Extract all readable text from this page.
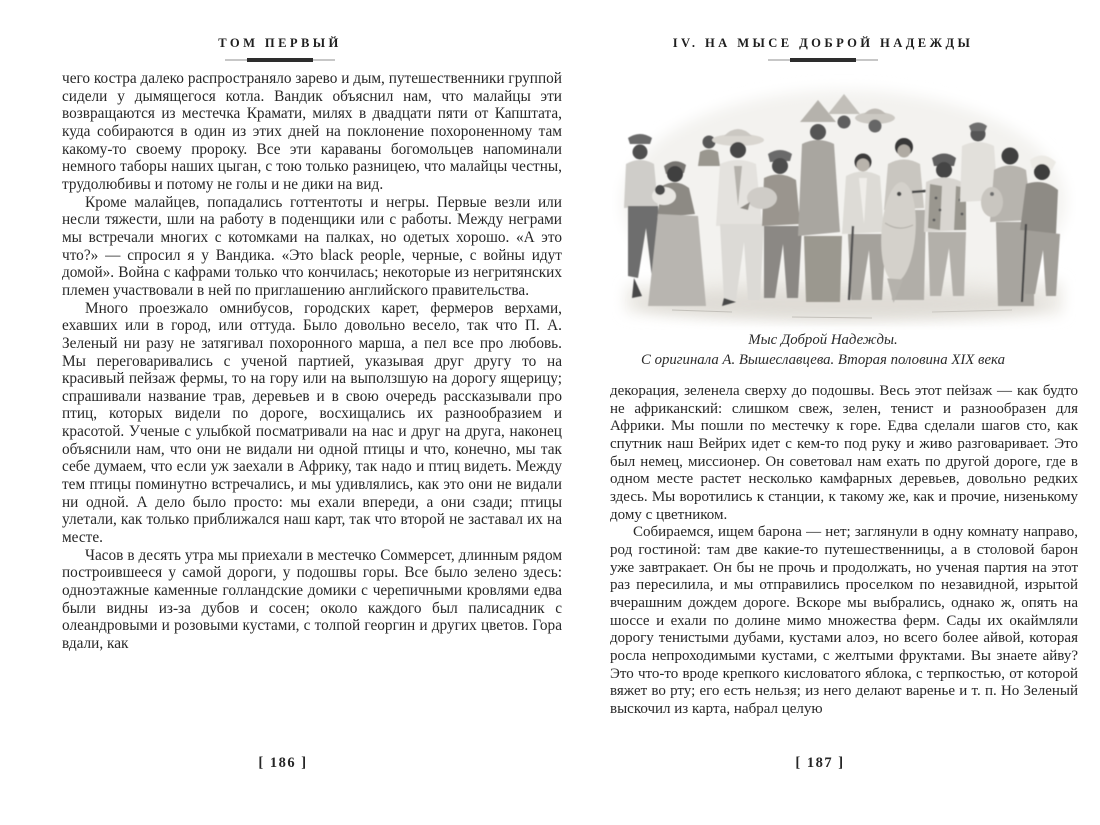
ТОМ ПЕРВЫЙ

чего костра далеко распространяло зарево и дым, путешественники группой сидели у дымящегося котла. Вандик объяснил нам, что малайцы эти возвращаются из местечка Крамати, милях в двадцати пяти от Капштата, куда собираются в один из этих дней на поклонение похороненному там какому-то своему пророку. Все эти караваны богомольцев напоминали немного таборы наших цыган, с тою только разницею, что малайцы честны, трудолюбивы и потому не голы и не дики на вид.

Кроме малайцев, попадались готтентоты и негры. Первые везли или несли тяжести, шли на работу в поденщики или с работы. Между неграми мы встречали многих с котомками на палках, но одетых хорошо. «А это что?» — спросил я у Вандика. «Это black people, черные, с войны идут домой». Война с кафрами только что кончилась; некоторые из негритянских племен участвовали в ней по приглашению английского правительства.

Много проезжало омнибусов, городских карет, фермеров верхами, ехавших или в город, или оттуда. Было довольно весело, так что П. А. Зеленый ни разу не затягивал похоронного марша, а пел все про любовь. Мы переговаривались с ученой партией, указывая друг другу то на красивый пейзаж фермы, то на гору или на выползшую на дорогу ящерицу; спрашивали название трав, деревьев и в свою очередь рассказывали про птиц, которых видели по дороге, восхищались их разнообразием и красотой. Ученые с улыбкой посматривали на нас и друг на друга, наконец объяснили нам, что они не видали ни одной птицы и что, конечно, мы так себе думаем, что если уж заехали в Африку, так надо и птиц видеть. Между тем птицы поминутно встречались, и мы удивлялись, как это они не видали ни одной. А дело было просто: мы ехали впереди, а они сзади; птицы улетали, как только приближался наш карт, так что второй не заставал их на месте.

Часов в десять утра мы приехали в местечко Соммерсет, длинным рядом построившееся у самой дороги, у подошвы горы. Все было зелено здесь: одноэтажные каменные голландские домики с черепичными кровлями едва были видны из-за дубов и сосен; около каждого был палисадник с олеандровыми и розовыми кустами, с толпой георгин и других цветов. Гора вдали, как

[ 186 ]
IV. НА МЫСЕ ДОБРОЙ НАДЕЖДЫ
Мыс Доброй Надежды.
С оригинала А. Вышеславцева. Вторая половина XIX века

декорация, зеленела сверху до подошвы. Весь этот пейзаж — как будто не африканский: слишком свеж, зелен, тенист и разнообразен для Африки. Мы пошли по местечку к горе. Едва сделали шагов сто, как спутник наш Вейрих идет с кем-то под руку и живо разговаривает. Это был немец, миссионер. Он советовал нам ехать по другой дороге, где в одном месте растет несколько камфарных деревьев, довольно редких здесь. Мы воротились к станции, к такому же, как и прочие, низенькому дому с цветником.

Собираемся, ищем барона — нет; заглянули в одну комнату направо, род гостиной: там две какие-то путешественницы, а в столовой барон уже завтракает. Он бы не прочь и продолжать, но ученая партия на этот раз пересилила, и мы отправились проселком по незавидной, изрытой вчерашним дождем дороге. Вскоре мы выбрались, однако ж, опять на шоссе и ехали по долине мимо множества ферм. Сады их окаймляли дорогу тенистыми дубами, кустами алоэ, но всего более айвой, которая росла непроходимыми кустами, с желтыми фруктами. Вы знаете айву? Это что-то вроде крепкого кисловатого яблока, с терпкостью, от которой вяжет во рту; его есть нельзя; из него делают варенье и т. п. Но Зеленый выскочил из карта, набрал целую

[ 187 ]
